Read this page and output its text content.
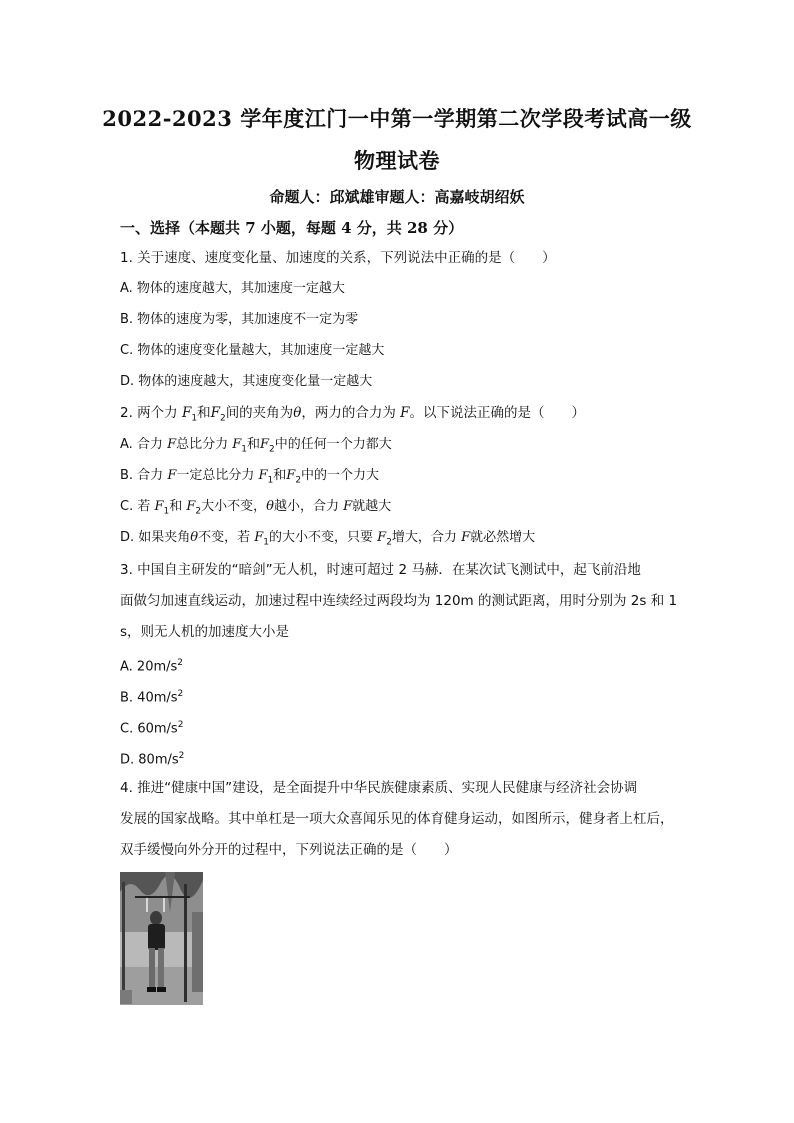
2022-2023 学年度江门一中第一学期第二次学段考试高一级
物理试卷
命题人：邱斌雄审题人：高嘉岐胡绍妖
一、选择（本题共 7 小题，每题 4 分，共 28 分）
1. 关于速度、速度变化量、加速度的关系，下列说法中正确的是（　　）
A. 物体的速度越大，其加速度一定越大
B. 物体的速度为零，其加速度不一定为零
C. 物体的速度变化量越大，其加速度一定越大
D. 物体的速度越大，其速度变化量一定越大
2. 两个力 $F_1$和$F_2$间的夹角为θ，两力的合力为 F。以下说法正确的是（　　）
A. 合力 F总比分力 $F_1$和$F_2$中的任何一个力都大
B. 合力 F一定总比分力 $F_1$和$F_2$中的一个力大
C. 若 $F_1$和 $F_2$大小不变，θ越小，合力 F就越大
D. 如果夹角θ不变，若 $F_1$的大小不变，只要 $F_2$增大，合力 F就必然增大
3. 中国自主研发的“暗剑”无人机，时速可超过 2 马赫．在某次试飞测试中，起飞前沿地
面做匀加速直线运动，加速过程中连续经过两段均为 120m 的测试距离，用时分别为 2s 和 1
s，则无人机的加速度大小是
A. $20m/s^2$
B. $40m/s^2$
C. $60m/s^2$
D. $80m/s^2$
4. 推进“健康中国”建设，是全面提升中华民族健康素质、实现人民健康与经济社会协调
发展的国家战略。其中单杠是一项大众喜闻乐见的体育健身运动，如图所示，健身者上杠后，
双手缓慢向外分开的过程中，下列说法正确的是（　　）
